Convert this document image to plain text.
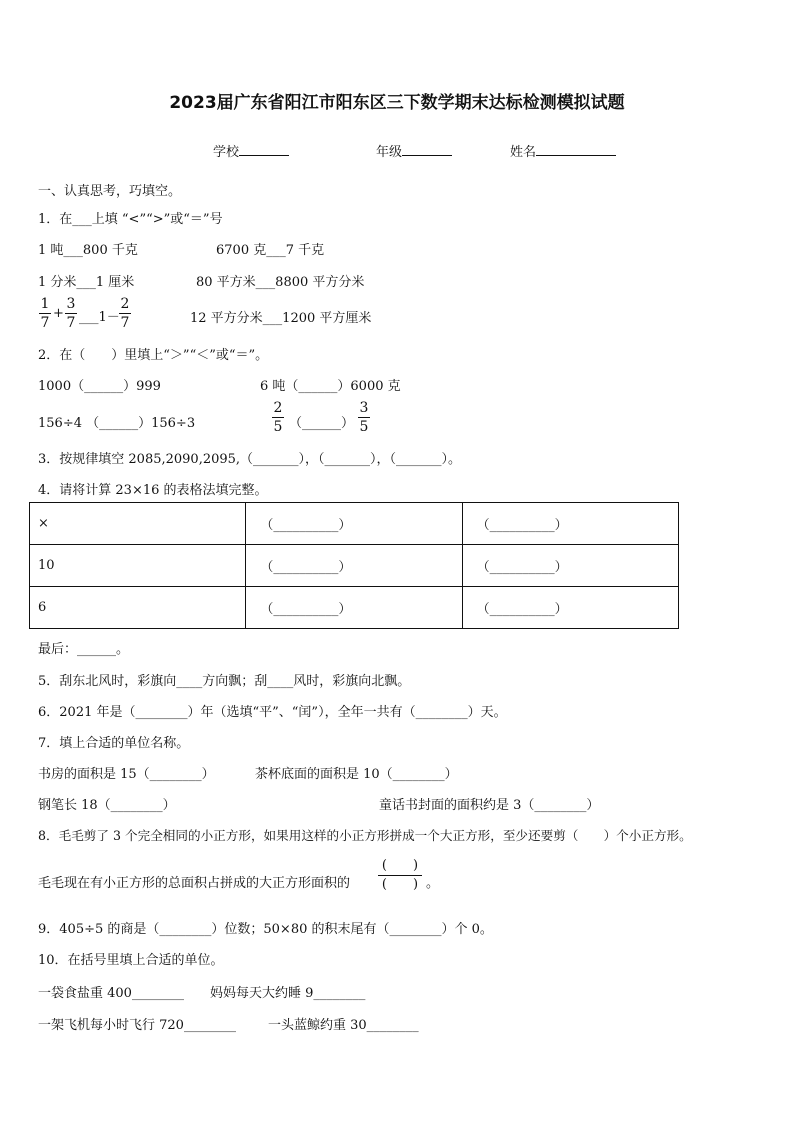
2023届广东省阳江市阳东区三下数学期末达标检测模拟试题
学校	年级	姓名
一、认真思考，巧填空。
1．在___上填 “<”“>”或“＝”号
1 吨___800 千克	6700 克___7 千克
1 分米___1 厘米	80 平方米___8800 平方分米
1
7
+
3
7 ___1－
2
7	12 平方分米___1200 平方厘米
2．在（　　）里填上“＞”“＜”或“＝”。
1000（______）999	6 吨（______）6000 克
156÷4 （______）156÷3
2
5 （______）
3
5
3．按规律填空 2085,2090,2095,（_______），（_______），（_______）。
4．请将计算 23×16 的表格法填完整。
×	（__________）	（__________）
10	（__________）	（__________）
6	（__________）	（__________）
最后：______。
5．刮东北风时，彩旗向____方向飘；刮____风时，彩旗向北飘。
6．2021 年是（________）年（选填“平”、“闰”），全年一共有（________）天。
7．填上合适的单位名称。
书房的面积是 15（________）	茶杯底面的面积是 10（________）
钢笔长 18（________）	童话书封面的面积约是 3（________）
8．毛毛剪了 3 个完全相同的小正方形，如果用这样的小正方形拼成一个大正方形，至少还要剪（　　）个小正方形。
毛毛现在有小正方形的总面积占拼成的大正方形面积的
(　　)
(　　) 。
9．405÷5 的商是（________）位数；50×80 的积末尾有（________）个 0。
10．在括号里填上合适的单位。
一袋食盐重 400________ 妈妈每天大约睡 9________
一架飞机每小时飞行 720________ 一头蓝鲸约重 30________
